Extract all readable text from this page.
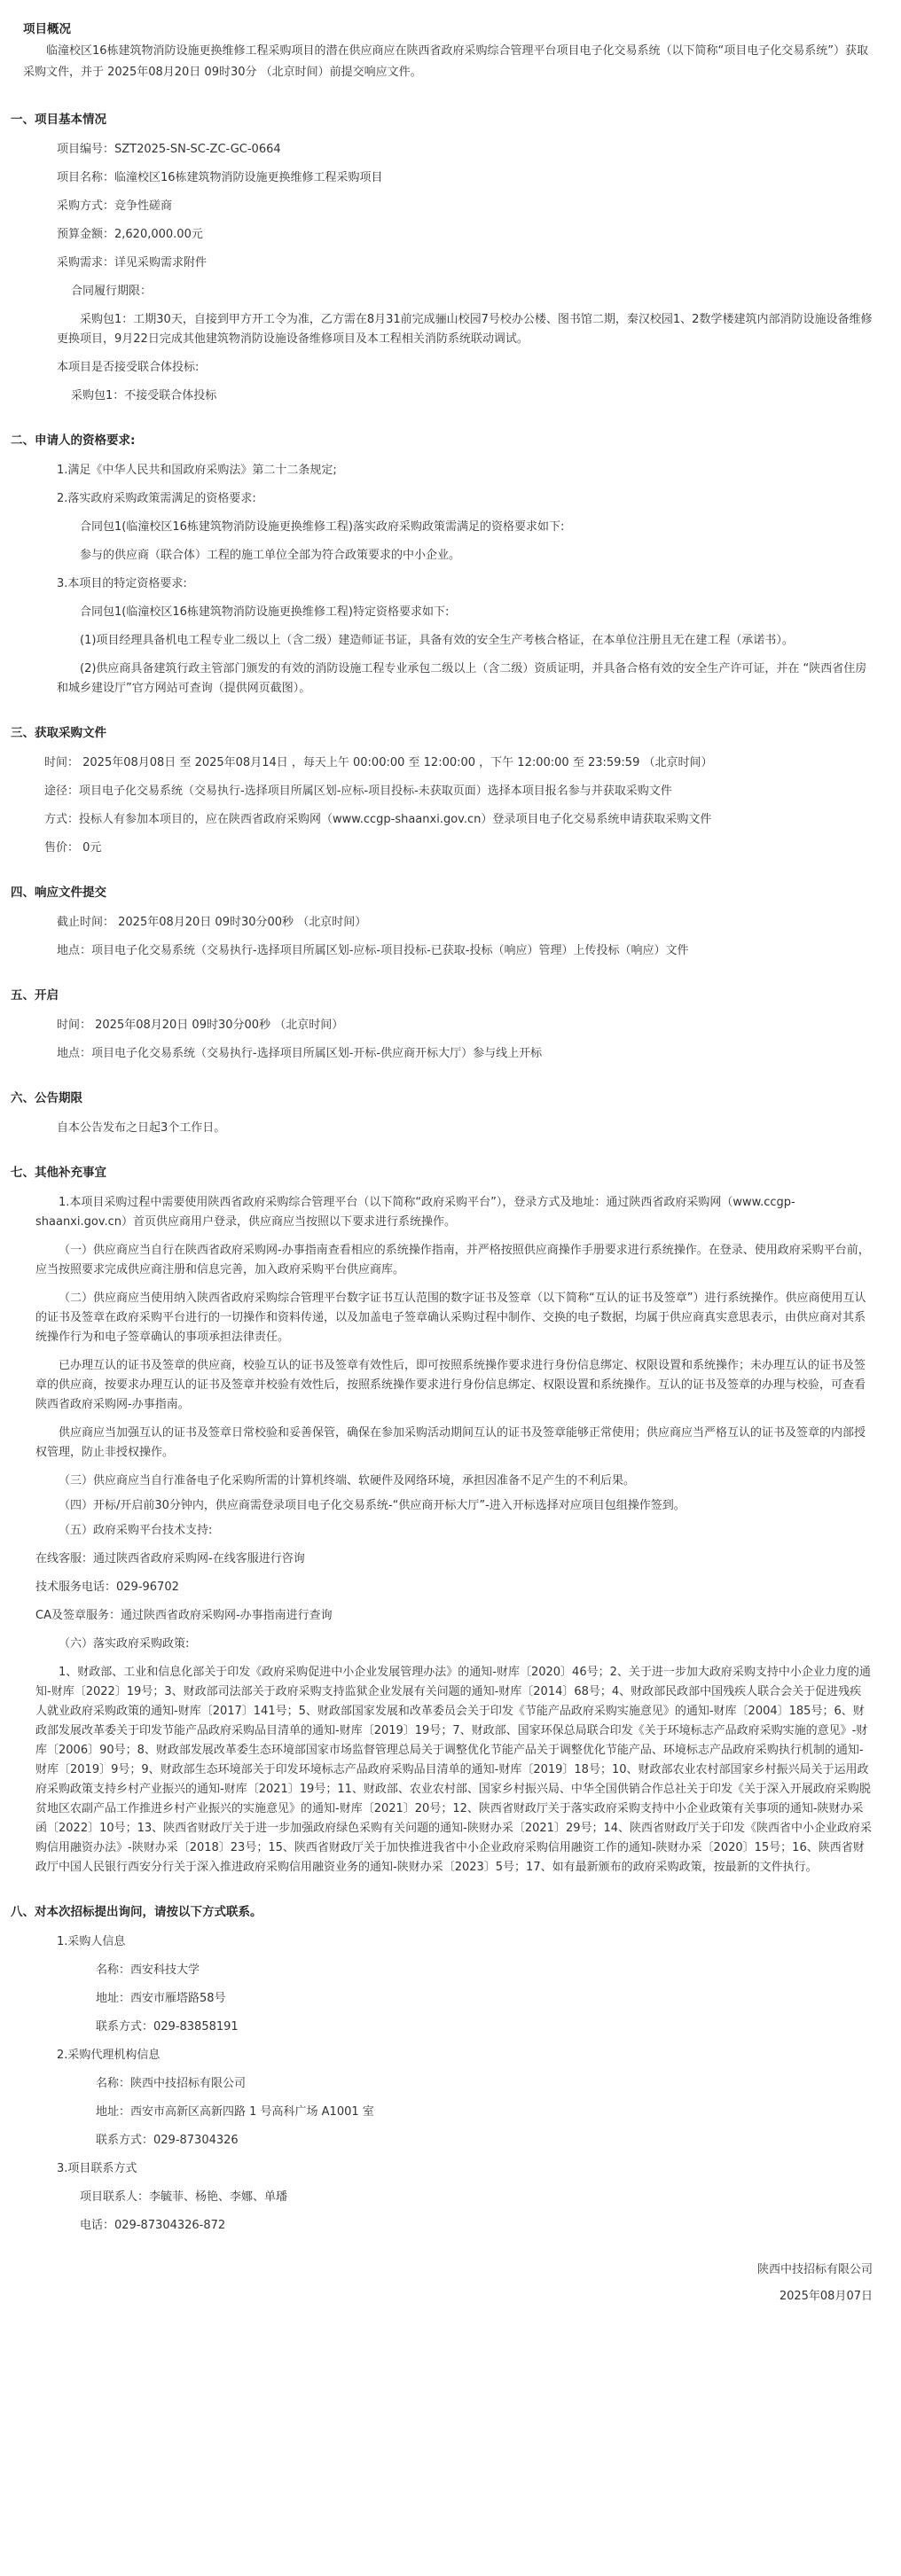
项目概况
临潼校区16栋建筑物消防设施更换维修工程采购项目的潜在供应商应在陕西省政府采购综合管理平台项目电子化交易系统（以下简称“项目电子化交易系统”）获取采购文件，并于 2025年08月20日 09时30分 （北京时间）前提交响应文件。
一、项目基本情况
项目编号：SZT2025-SN-SC-ZC-GC-0664
项目名称：临潼校区16栋建筑物消防设施更换维修工程采购项目
采购方式：竞争性磋商
预算金额：2,620,000.00元
采购需求：详见采购需求附件
合同履行期限：
采购包1：工期30天，自接到甲方开工令为准，乙方需在8月31前完成骊山校园7号校办公楼、图书馆二期，秦汉校园1、2数学楼建筑内部消防设施设备维修更换项目，9月22日完成其他建筑物消防设施设备维修项目及本工程相关消防系统联动调试。
本项目是否接受联合体投标:
采购包1：不接受联合体投标
二、申请人的资格要求:
1.满足《中华人民共和国政府采购法》第二十二条规定;
2.落实政府采购政策需满足的资格要求:
合同包1(临潼校区16栋建筑物消防设施更换维修工程)落实政府采购政策需满足的资格要求如下:
参与的供应商（联合体）工程的施工单位全部为符合政策要求的中小企业。
3.本项目的特定资格要求:
合同包1(临潼校区16栋建筑物消防设施更换维修工程)特定资格要求如下:
(1)项目经理具备机电工程专业二级以上（含二级）建造师证书证，具备有效的安全生产考核合格证，在本单位注册且无在建工程（承诺书）。
(2)供应商具备建筑行政主管部门颁发的有效的消防设施工程专业承包二级以上（含二级）资质证明，并具备合格有效的安全生产许可证，并在 “陕西省住房和城乡建设厅”官方网站可查询（提供网页截图）。
三、获取采购文件
时间： 2025年08月08日 至 2025年08月14日 ，每天上午 00:00:00 至 12:00:00 ，下午 12:00:00 至 23:59:59 （北京时间）
途径：项目电子化交易系统（交易执行-选择项目所属区划-应标-项目投标-未获取页面）选择本项目报名参与并获取采购文件
方式：投标人有参加本项目的，应在陕西省政府采购网（www.ccgp-shaanxi.gov.cn）登录项目电子化交易系统申请获取采购文件
售价： 0元
四、响应文件提交
截止时间： 2025年08月20日 09时30分00秒 （北京时间）
地点：项目电子化交易系统（交易执行-选择项目所属区划-应标-项目投标-已获取-投标（响应）管理）上传投标（响应）文件
五、开启
时间： 2025年08月20日 09时30分00秒 （北京时间）
地点：项目电子化交易系统（交易执行-选择项目所属区划-开标-供应商开标大厅）参与线上开标
六、公告期限
自本公告发布之日起3个工作日。
七、其他补充事宜
1.本项目采购过程中需要使用陕西省政府采购综合管理平台（以下简称“政府采购平台”），登录方式及地址：通过陕西省政府采购网（www.ccgp-shaanxi.gov.cn）首页供应商用户登录，供应商应当按照以下要求进行系统操作。
（一）供应商应当自行在陕西省政府采购网-办事指南查看相应的系统操作指南，并严格按照供应商操作手册要求进行系统操作。在登录、使用政府采购平台前，应当按照要求完成供应商注册和信息完善，加入政府采购平台供应商库。
（二）供应商应当使用纳入陕西省政府采购综合管理平台数字证书互认范围的数字证书及签章（以下简称“互认的证书及签章”）进行系统操作。供应商使用互认的证书及签章在政府采购平台进行的一切操作和资料传递，以及加盖电子签章确认采购过程中制作、交换的电子数据，均属于供应商真实意思表示，由供应商对其系统操作行为和电子签章确认的事项承担法律责任。
已办理互认的证书及签章的供应商，校验互认的证书及签章有效性后，即可按照系统操作要求进行身份信息绑定、权限设置和系统操作；未办理互认的证书及签章的供应商，按要求办理互认的证书及签章并校验有效性后，按照系统操作要求进行身份信息绑定、权限设置和系统操作。互认的证书及签章的办理与校验，可查看陕西省政府采购网-办事指南。
供应商应当加强互认的证书及签章日常校验和妥善保管，确保在参加采购活动期间互认的证书及签章能够正常使用；供应商应当严格互认的证书及签章的内部授权管理，防止非授权操作。
（三）供应商应当自行准备电子化采购所需的计算机终端、软硬件及网络环境，承担因准备不足产生的不利后果。
（四）开标/开启前30分钟内，供应商需登录项目电子化交易系统-“供应商开标大厅”-进入开标选择对应项目包组操作签到。
（五）政府采购平台技术支持:
在线客服：通过陕西省政府采购网-在线客服进行咨询
技术服务电话：029-96702
CA及签章服务：通过陕西省政府采购网-办事指南进行查询
（六）落实政府采购政策:
1、财政部、工业和信息化部关于印发《政府采购促进中小企业发展管理办法》的通知-财库〔2020〕46号；2、关于进一步加大政府采购支持中小企业力度的通知-财库〔2022〕19号；3、财政部司法部关于政府采购支持监狱企业发展有关问题的通知-财库〔2014〕68号；4、财政部民政部中国残疾人联合会关于促进残疾人就业政府采购政策的通知-财库〔2017〕141号；5、财政部国家发展和改革委员会关于印发《节能产品政府采购实施意见》的通知-财库〔2004〕185号；6、财政部发展改革委关于印发节能产品政府采购品目清单的通知-财库〔2019〕19号；7、财政部、国家环保总局联合印发《关于环境标志产品政府采购实施的意见》-财库〔2006〕90号；8、财政部发展改革委生态环境部国家市场监督管理总局关于调整优化节能产品关于调整优化节能产品、环境标志产品政府采购执行机制的通知-财库〔2019〕9号；9、财政部生态环境部关于印发环境标志产品政府采购品目清单的通知-财库〔2019〕18号；10、财政部农业农村部国家乡村振兴局关于运用政府采购政策支持乡村产业振兴的通知-财库〔2021〕19号；11、财政部、农业农村部、国家乡村振兴局、中华全国供销合作总社关于印发《关于深入开展政府采购脱贫地区农副产品工作推进乡村产业振兴的实施意见》的通知-财库〔2021〕20号；12、陕西省财政厅关于落实政府采购支持中小企业政策有关事项的通知-陕财办采函〔2022〕10号；13、陕西省财政厅关于进一步加强政府绿色采购有关问题的通知-陕财办采〔2021〕29号；14、陕西省财政厅关于印发《陕西省中小企业政府采购信用融资办法》-陕财办采〔2018〕23号；15、陕西省财政厅关于加快推进我省中小企业政府采购信用融资工作的通知-陕财办采〔2020〕15号；16、陕西省财政厅中国人民银行西安分行关于深入推进政府采购信用融资业务的通知-陕财办采〔2023〕5号；17、如有最新颁布的政府采购政策，按最新的文件执行。
八、对本次招标提出询问，请按以下方式联系。
1.采购人信息
名称：西安科技大学
地址：西安市雁塔路58号
联系方式：029-83858191
2.采购代理机构信息
名称：陕西中技招标有限公司
地址：西安市高新区高新四路 1 号高科广场 A1001 室
联系方式：029-87304326
3.项目联系方式
项目联系人：李毓菲、杨艳、李娜、单璠
电话：029-87304326-872
陕西中技招标有限公司
2025年08月07日
